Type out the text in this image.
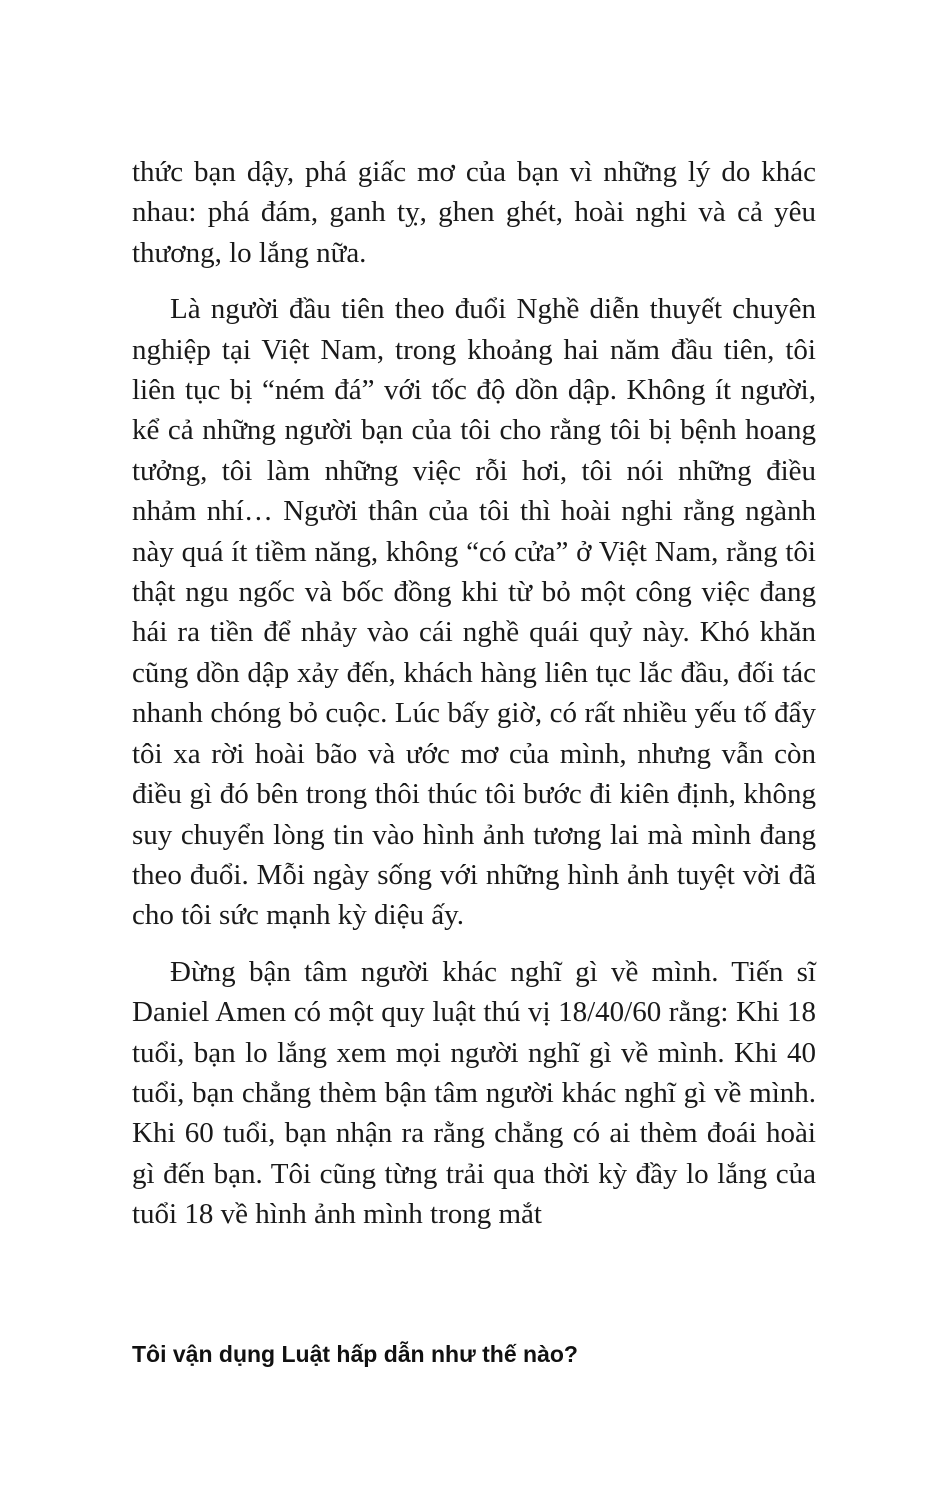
thức bạn dậy, phá giấc mơ của bạn vì những lý do khác nhau: phá đám, ganh tỵ, ghen ghét, hoài nghi và cả yêu thương, lo lắng nữa.

Là người đầu tiên theo đuổi Nghề diễn thuyết chuyên nghiệp tại Việt Nam, trong khoảng hai năm đầu tiên, tôi liên tục bị “ném đá” với tốc độ dồn dập. Không ít người, kể cả những người bạn của tôi cho rằng tôi bị bệnh hoang tưởng, tôi làm những việc rỗi hơi, tôi nói những điều nhảm nhí… Người thân của tôi thì hoài nghi rằng ngành này quá ít tiềm năng, không “có cửa” ở Việt Nam, rằng tôi thật ngu ngốc và bốc đồng khi từ bỏ một công việc đang hái ra tiền để nhảy vào cái nghề quái quỷ này. Khó khăn cũng dồn dập xảy đến, khách hàng liên tục lắc đầu, đối tác nhanh chóng bỏ cuộc. Lúc bấy giờ, có rất nhiều yếu tố đẩy tôi xa rời hoài bão và ước mơ của mình, nhưng vẫn còn điều gì đó bên trong thôi thúc tôi bước đi kiên định, không suy chuyển lòng tin vào hình ảnh tương lai mà mình đang theo đuổi. Mỗi ngày sống với những hình ảnh tuyệt vời đã cho tôi sức mạnh kỳ diệu ấy.

Đừng bận tâm người khác nghĩ gì về mình. Tiến sĩ Daniel Amen có một quy luật thú vị 18/40/60 rằng: Khi 18 tuổi, bạn lo lắng xem mọi người nghĩ gì về mình. Khi 40 tuổi, bạn chẳng thèm bận tâm người khác nghĩ gì về mình. Khi 60 tuổi, bạn nhận ra rằng chẳng có ai thèm đoái hoài gì đến bạn. Tôi cũng từng trải qua thời kỳ đầy lo lắng của tuổi 18 về hình ảnh mình trong mắt

Tôi vận dụng Luật hấp dẫn như thế nào?
